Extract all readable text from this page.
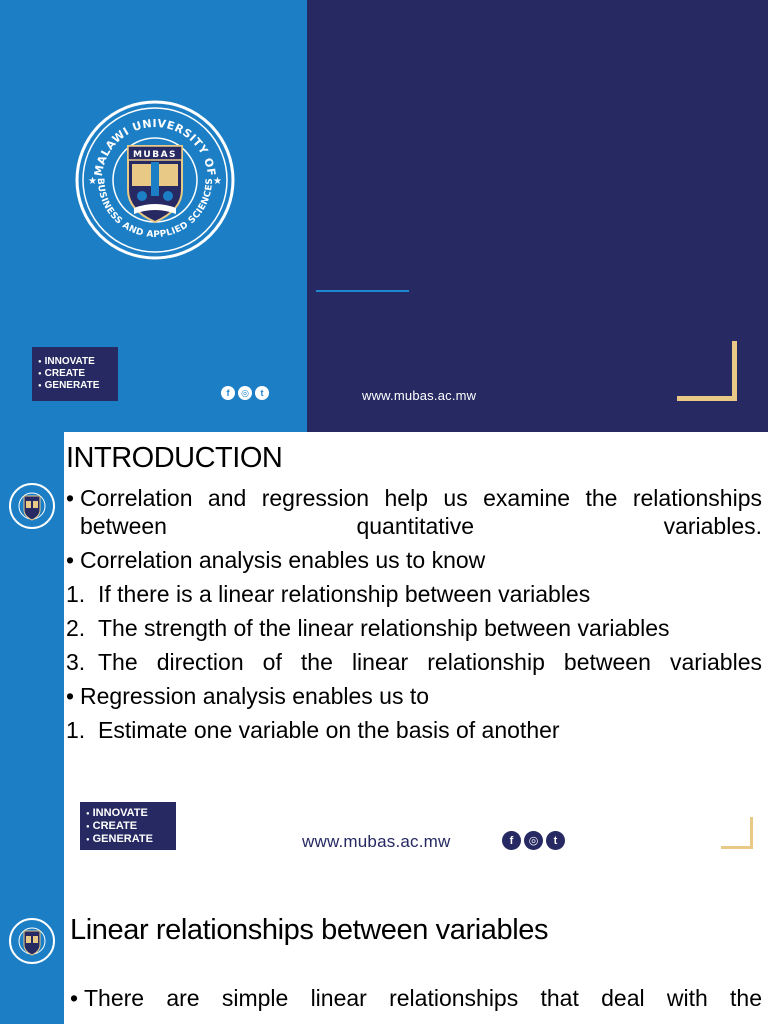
MALAWI UNIVERSITY OF
BUSINESS AND APPLIED SCIENCES
★	★
MUBAS
● INNOVATE
● CREATE
● GENERATE
f	◎	t	www.mubas.ac.mw
INTRODUCTION

• Correlation and regression help us examine the relationships between quantitative variables.

• Correlation analysis enables us to know

1. If there is a linear relationship between variables

2. The strength of the linear relationship between variables

3. The direction of the linear relationship between variables

• Regression analysis enables us to

1. Estimate one variable on the basis of another

● INNOVATE
● CREATE
● GENERATE	www.mubas.ac.mw	f	◎	t
Linear relationships between variables
• There are simple linear relationships that deal with the
